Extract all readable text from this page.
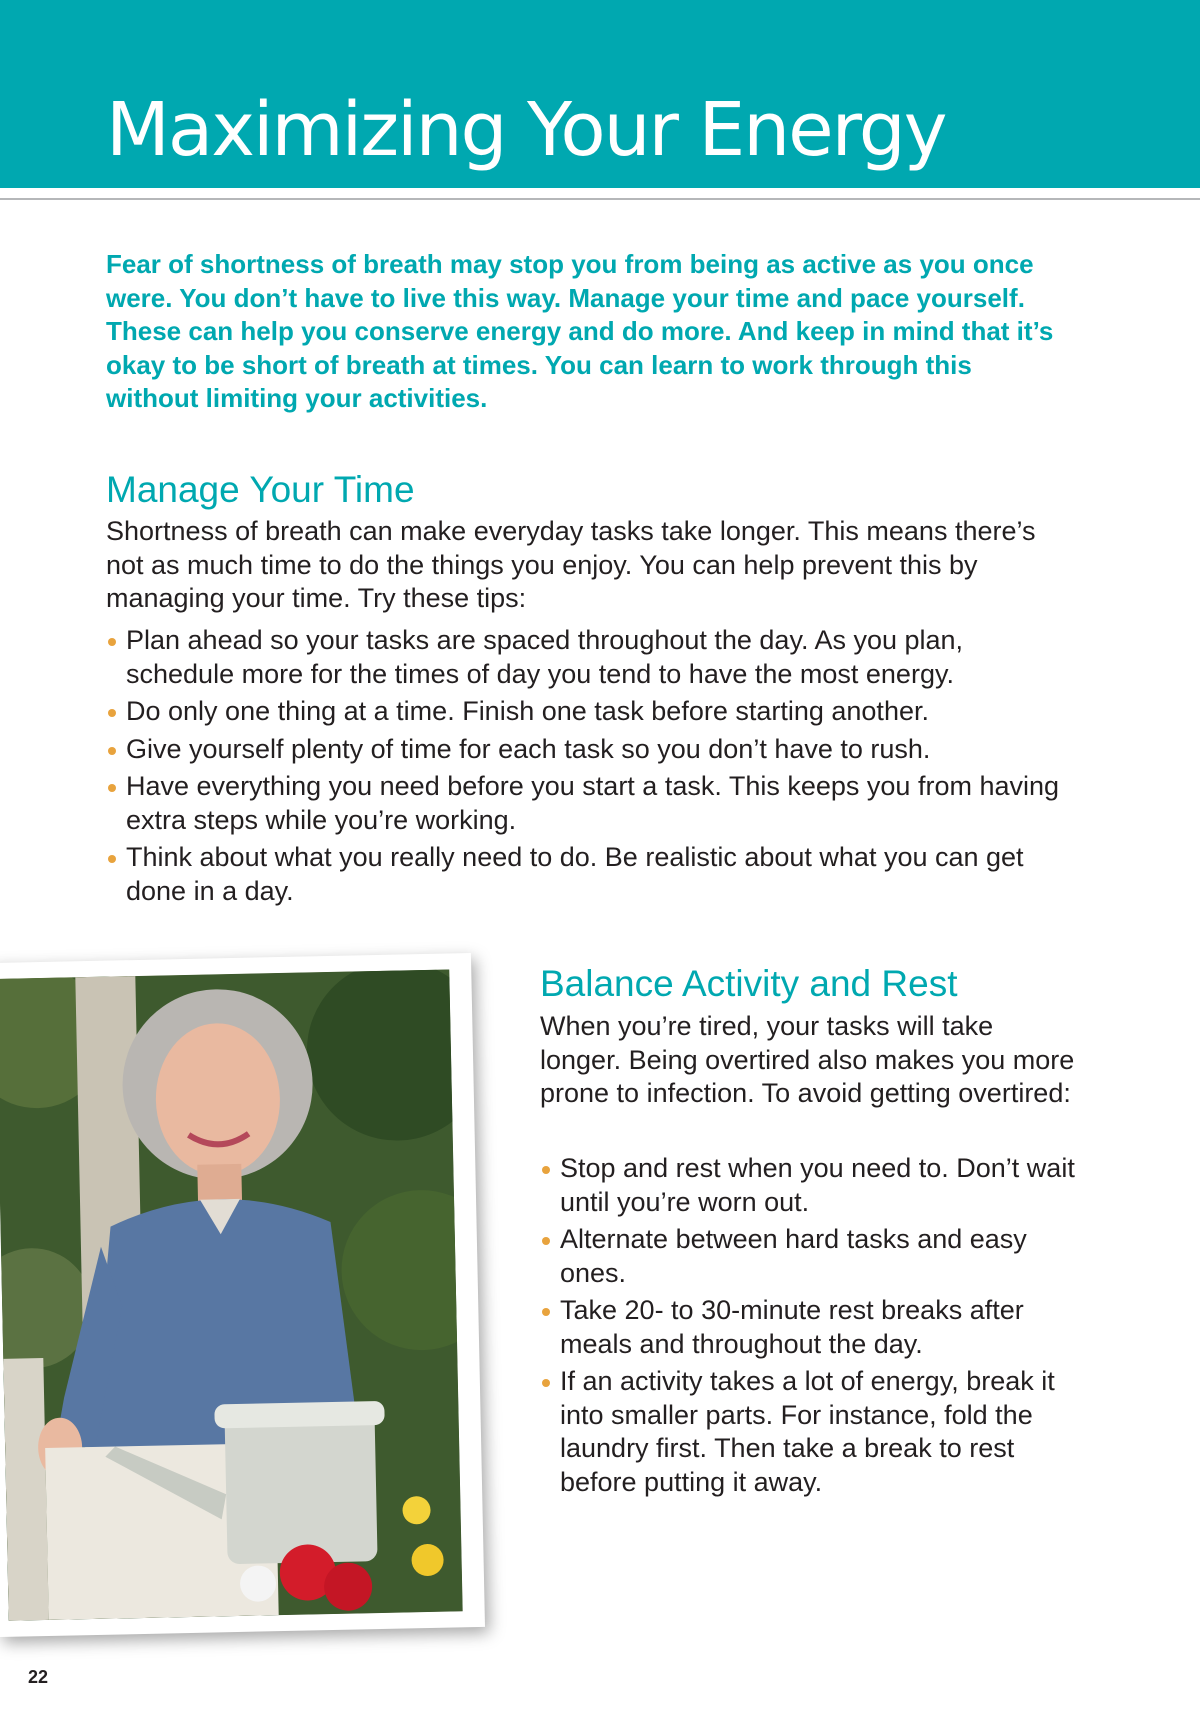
Maximizing Your Energy

Fear of shortness of breath may stop you from being as active as you once were. You don’t have to live this way. Manage your time and pace yourself. These can help you conserve energy and do more. And keep in mind that it’s okay to be short of breath at times. You can learn to work through this without limiting your activities.

Manage Your Time

Shortness of breath can make everyday tasks take longer. This means there’s not as much time to do the things you enjoy. You can help prevent this by managing your time. Try these tips:

Plan ahead so your tasks are spaced throughout the day. As you plan, schedule more for the times of day you tend to have the most energy.
Do only one thing at a time. Finish one task before starting another.
Give yourself plenty of time for each task so you don’t have to rush.
Have everything you need before you start a task. This keeps you from having extra steps while you’re working.
Think about what you really need to do. Be realistic about what you can get done in a day.
Balance Activity and Rest

When you’re tired, your tasks will take longer. Being overtired also makes you more prone to infection. To avoid getting overtired:

Stop and rest when you need to. Don’t wait until you’re worn out.
Alternate between hard tasks and easy ones.
Take 20- to 30-minute rest breaks after meals and throughout the day.
If an activity takes a lot of energy, break it into smaller parts. For instance, fold the laundry first. Then take a break to rest before putting it away.

22
